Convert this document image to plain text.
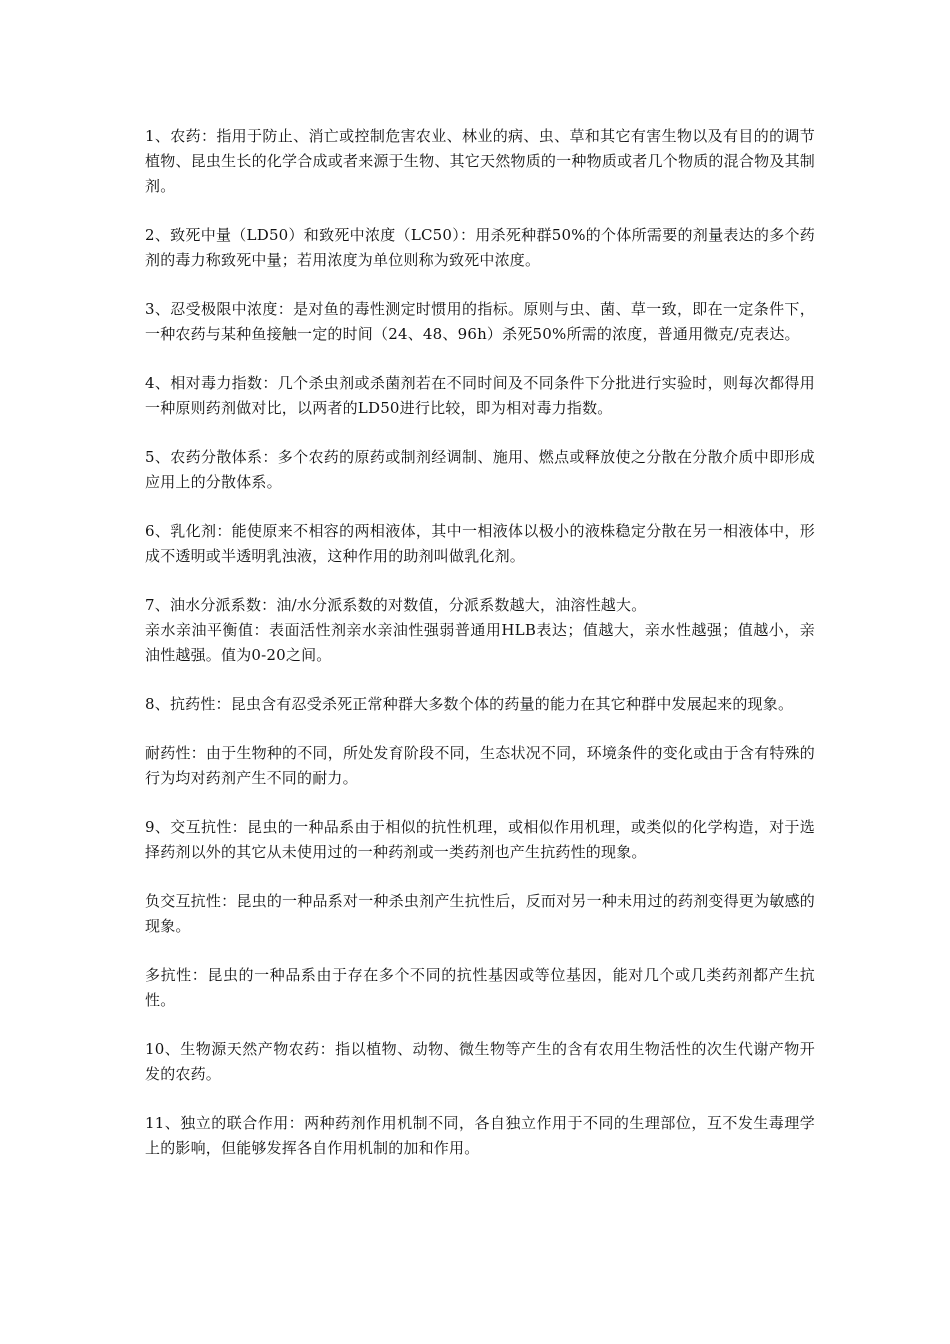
1、农药：指用于防止、消亡或控制危害农业、林业的病、虫、草和其它有害生物以及有目的的调节植物、昆虫生长的化学合成或者来源于生物、其它天然物质的一种物质或者几个物质的混合物及其制剂。

2、致死中量（LD50）和致死中浓度（LC50）：用杀死种群50%的个体所需要的剂量表达的多个药剂的毒力称致死中量；若用浓度为单位则称为致死中浓度。

3、忍受极限中浓度：是对鱼的毒性测定时惯用的指标。原则与虫、菌、草一致，即在一定条件下，一种农药与某种鱼接触一定的时间（24、48、96h）杀死50%所需的浓度，普通用微克/克表达。

4、相对毒力指数：几个杀虫剂或杀菌剂若在不同时间及不同条件下分批进行实验时，则每次都得用一种原则药剂做对比，以两者的LD50进行比较，即为相对毒力指数。

5、农药分散体系：多个农药的原药或制剂经调制、施用、燃点或释放使之分散在分散介质中即形成应用上的分散体系。

6、乳化剂：能使原来不相容的两相液体，其中一相液体以极小的液株稳定分散在另一相液体中，形成不透明或半透明乳浊液，这种作用的助剂叫做乳化剂。

7、油水分派系数：油/水分派系数的对数值，分派系数越大，油溶性越大。

亲水亲油平衡值：表面活性剂亲水亲油性强弱普通用HLB表达；值越大，亲水性越强；值越小，亲油性越强。值为0-20之间。

8、抗药性：昆虫含有忍受杀死正常种群大多数个体的药量的能力在其它种群中发展起来的现象。

耐药性：由于生物种的不同，所处发育阶段不同，生态状况不同，环境条件的变化或由于含有特殊的行为均对药剂产生不同的耐力。

9、交互抗性：昆虫的一种品系由于相似的抗性机理，或相似作用机理，或类似的化学构造，对于选择药剂以外的其它从未使用过的一种药剂或一类药剂也产生抗药性的现象。

负交互抗性：昆虫的一种品系对一种杀虫剂产生抗性后，反而对另一种未用过的药剂变得更为敏感的现象。

多抗性：昆虫的一种品系由于存在多个不同的抗性基因或等位基因，能对几个或几类药剂都产生抗性。

10、生物源天然产物农药：指以植物、动物、微生物等产生的含有农用生物活性的次生代谢产物开发的农药。

11、独立的联合作用：两种药剂作用机制不同，各自独立作用于不同的生理部位，互不发生毒理学上的影响，但能够发挥各自作用机制的加和作用。
